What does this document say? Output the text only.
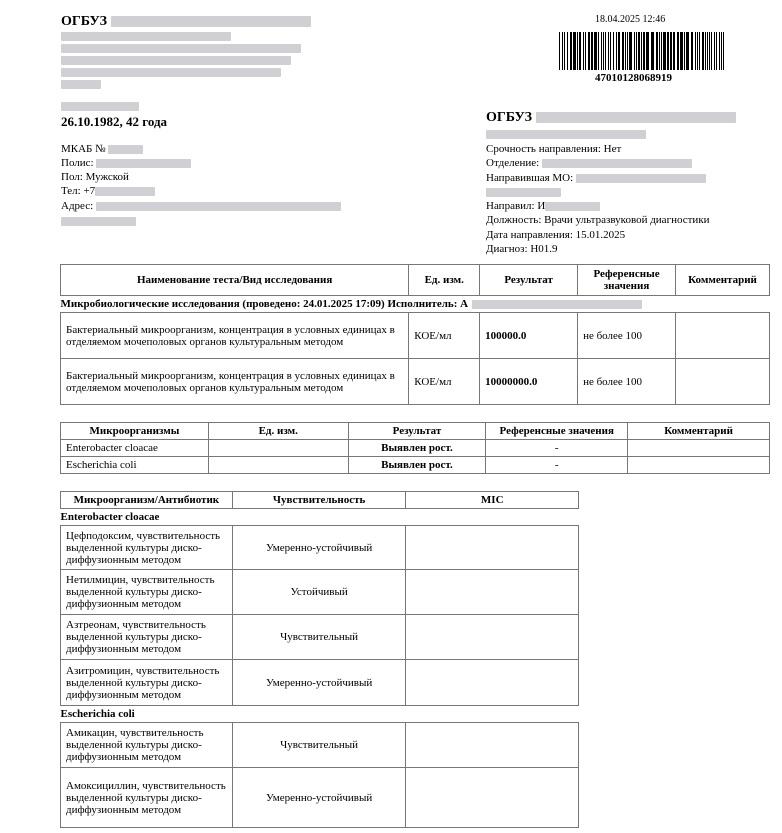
ОГБУЗ	18.04.2025 12:46
47010128068919
26.10.1982, 42 года
МКАБ №
Полис:
Пол: Мужской
Тел: +7
Адрес:
ОГБУЗ
Срочность направления: Нет
Отделение:
Направившая МО:
Направил: И
Должность: Врачи ультразвуковой диагностики
Дата направления: 15.01.2025
Диагноз: H01.9
Наименование теста/Вид исследования	Ед. изм.	Результат	Референсные значения	Комментарий
Микробиологические исследования (проведено: 24.01.2025 17:09) Исполнитель: А				
Бактериальный микроорганизм, концентрация в условных единицах в отделяемом мочеполовых органов культуральным методом	КОЕ/мл	100000.0	не более 100	
Бактериальный микроорганизм, концентрация в условных единицах в отделяемом мочеполовых органов культуральным методом	КОЕ/мл	10000000.0	не более 100	
Микроорганизмы	Ед. изм.	Результат	Референсные значения	Комментарий
Enterobacter cloacae		Выявлен рост.	-	
Escherichia coli		Выявлен рост.	-	
Микроорганизм/Антибиотик	Чувствительность	MIC
Enterobacter cloacae		
Цефподоксим, чувствительность выделенной культуры диско-диффузионным методом	Умеренно-устойчивый	
Нетилмицин, чувствительность выделенной культуры диско-диффузионным методом	Устойчивый	
Азтреонам, чувствительность выделенной культуры диско-диффузионным методом	Чувствительный	
Азитромицин, чувствительность выделенной культуры диско-диффузионным методом	Умеренно-устойчивый	
Escherichia coli		
Амикацин, чувствительность выделенной культуры диско-диффузионным методом	Чувствительный	
Амоксициллин, чувствительность выделенной культуры диско-диффузионным методом	Умеренно-устойчивый	
